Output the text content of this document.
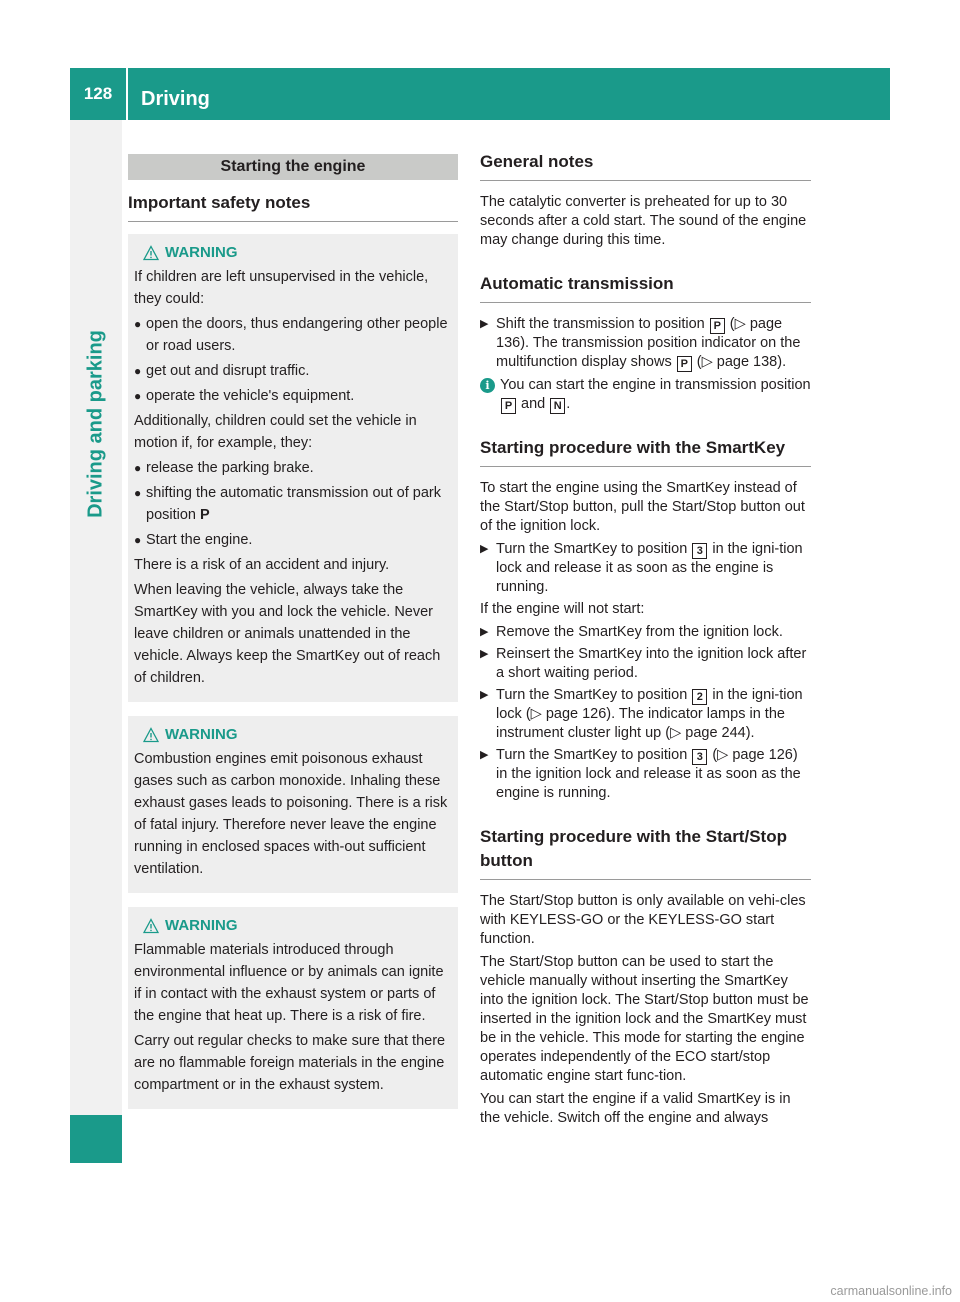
128	Driving
Driving and parking
Starting the engine
Important safety notes
WARNING
If children are left unsupervised in the vehicle, they could:
● open the doors, thus endangering other people or road users.
● get out and disrupt traffic.
● operate the vehicle's equipment.
Additionally, children could set the vehicle in motion if, for example, they:
● release the parking brake.
● shifting the automatic transmission out of park position P
● Start the engine.
There is a risk of an accident and injury.
When leaving the vehicle, always take the SmartKey with you and lock the vehicle. Never leave children or animals unattended in the vehicle. Always keep the SmartKey out of reach of children.
WARNING
Combustion engines emit poisonous exhaust gases such as carbon monoxide. Inhaling these exhaust gases leads to poisoning. There is a risk of fatal injury. Therefore never leave the engine running in enclosed spaces with-out sufficient ventilation.
WARNING
Flammable materials introduced through environmental influence or by animals can ignite if in contact with the exhaust system or parts of the engine that heat up. There is a risk of fire.
Carry out regular checks to make sure that there are no flammable foreign materials in the engine compartment or in the exhaust system.
General notes
The catalytic converter is preheated for up to 30 seconds after a cold start. The sound of the engine may change during this time.
Automatic transmission
▶ Shift the transmission to position P (▷ page 136). The transmission position indicator on the multifunction display shows P (▷ page 138).
i You can start the engine in transmission position P and N .
Starting procedure with the SmartKey
To start the engine using the SmartKey instead of the Start/Stop button, pull the Start/Stop button out of the ignition lock.
▶ Turn the SmartKey to position 3 in the igni-tion lock and release it as soon as the engine is running.
If the engine will not start:
▶ Remove the SmartKey from the ignition lock.
▶ Reinsert the SmartKey into the ignition lock after a short waiting period.
▶ Turn the SmartKey to position 2 in the igni-tion lock (▷ page 126). The indicator lamps in the instrument cluster light up (▷ page 244).
▶ Turn the SmartKey to position 3 (▷ page 126) in the ignition lock and release it as soon as the engine is running.
Starting procedure with the Start/Stop button
The Start/Stop button is only available on vehi-cles with KEYLESS-GO or the KEYLESS-GO start function.
The Start/Stop button can be used to start the vehicle manually without inserting the SmartKey into the ignition lock. The Start/Stop button must be inserted in the ignition lock and the SmartKey must be in the vehicle. This mode for starting the engine operates independently of the ECO start/stop automatic engine start func-tion.
You can start the engine if a valid SmartKey is in the vehicle. Switch off the engine and always
carmanualsonline.info
